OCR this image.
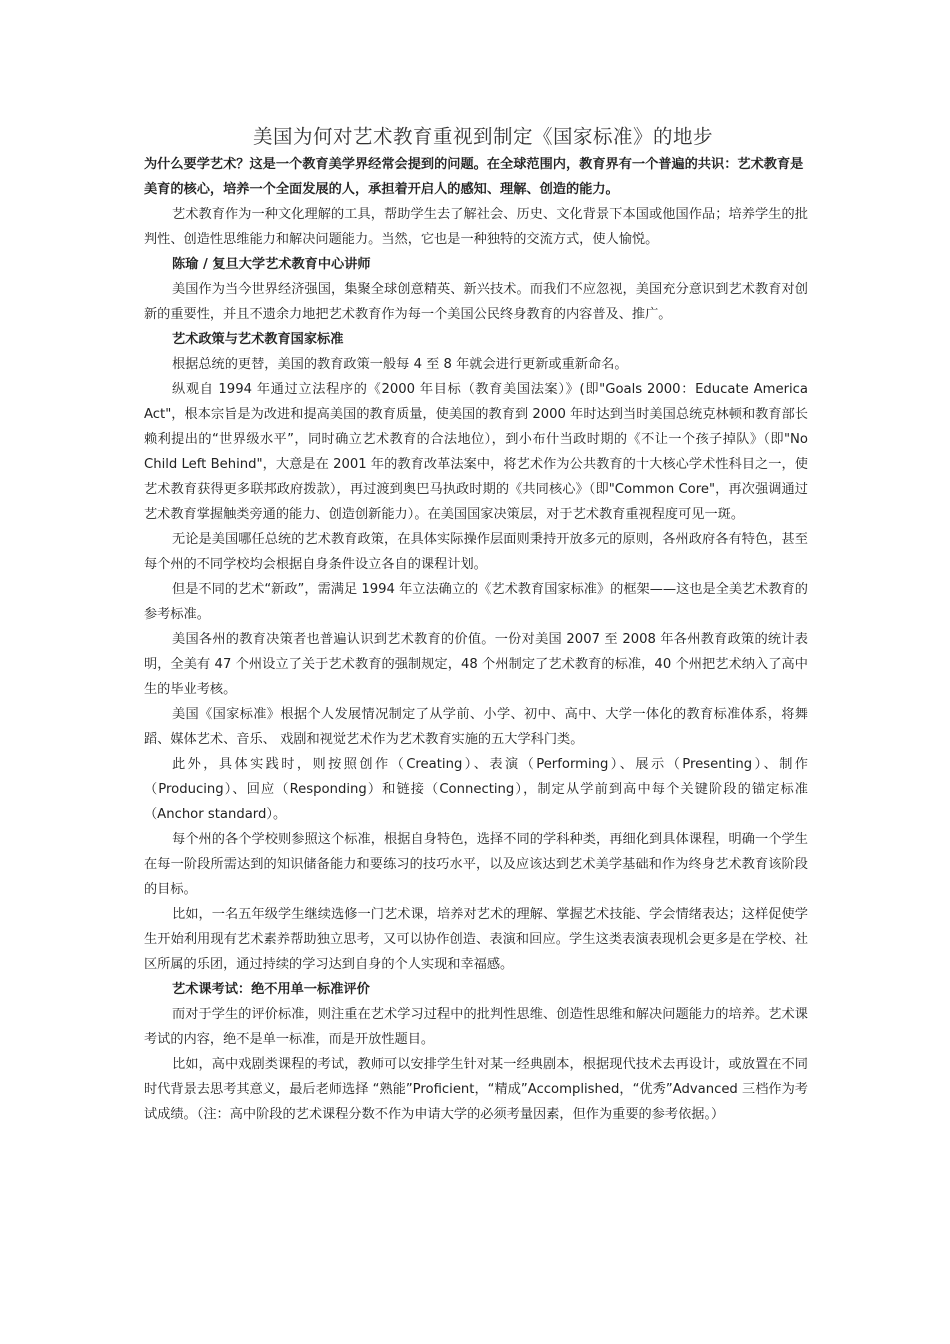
美国为何对艺术教育重视到制定《国家标准》的地步

为什么要学艺术？这是一个教育美学界经常会提到的问题。在全球范围内，教育界有一个普遍的共识：艺术教育是美育的核心，培养一个全面发展的人，承担着开启人的感知、理解、创造的能力。

艺术教育作为一种文化理解的工具，帮助学生去了解社会、历史、文化背景下本国或他国作品；培养学生的批判性、创造性思维能力和解决问题能力。当然，它也是一种独特的交流方式，使人愉悦。

陈瑜 / 复旦大学艺术教育中心讲师

美国作为当今世界经济强国，集聚全球创意精英、新兴技术。而我们不应忽视，美国充分意识到艺术教育对创新的重要性，并且不遗余力地把艺术教育作为每一个美国公民终身教育的内容普及、推广。

艺术政策与艺术教育国家标准

根据总统的更替，美国的教育政策一般每 4 至 8 年就会进行更新或重新命名。

纵观自 1994 年通过立法程序的《2000 年目标（教育美国法案）》(即"Goals 2000：Educate America Act"，根本宗旨是为改进和提高美国的教育质量，使美国的教育到 2000 年时达到当时美国总统克林顿和教育部长赖利提出的“世界级水平”，同时确立艺术教育的合法地位），到小布什当政时期的《不让一个孩子掉队》（即"No Child Left Behind"，大意是在 2001 年的教育改革法案中，将艺术作为公共教育的十大核心学术性科目之一，使艺术教育获得更多联邦政府拨款），再过渡到奥巴马执政时期的《共同核心》（即"Common Core"，再次强调通过艺术教育掌握触类旁通的能力、创造创新能力）。在美国国家决策层，对于艺术教育重视程度可见一斑。

无论是美国哪任总统的艺术教育政策，在具体实际操作层面则秉持开放多元的原则，各州政府各有特色，甚至每个州的不同学校均会根据自身条件设立各自的课程计划。

但是不同的艺术“新政”，需满足 1994 年立法确立的《艺术教育国家标准》的框架——这也是全美艺术教育的参考标准。

美国各州的教育决策者也普遍认识到艺术教育的价值。一份对美国 2007 至 2008 年各州教育政策的统计表明，全美有 47 个州设立了关于艺术教育的强制规定，48 个州制定了艺术教育的标准，40 个州把艺术纳入了高中生的毕业考核。

美国《国家标准》根据个人发展情况制定了从学前、小学、初中、高中、大学一体化的教育标准体系，将舞蹈、媒体艺术、音乐、 戏剧和视觉艺术作为艺术教育实施的五大学科门类。

此外，具体实践时，则按照创作（Creating）、表演（Performing）、展示（Presenting）、制作（Producing）、回应（Responding）和链接（Connecting），制定从学前到高中每个关键阶段的锚定标准（Anchor standard）。

每个州的各个学校则参照这个标准，根据自身特色，选择不同的学科种类，再细化到具体课程，明确一个学生在每一阶段所需达到的知识储备能力和要练习的技巧水平，以及应该达到艺术美学基础和作为终身艺术教育该阶段的目标。

比如，一名五年级学生继续选修一门艺术课，培养对艺术的理解、掌握艺术技能、学会情绪表达；这样促使学生开始利用现有艺术素养帮助独立思考，又可以协作创造、表演和回应。学生这类表演表现机会更多是在学校、社区所属的乐团，通过持续的学习达到自身的个人实现和幸福感。

艺术课考试：绝不用单一标准评价

而对于学生的评价标准，则注重在艺术学习过程中的批判性思维、创造性思维和解决问题能力的培养。艺术课考试的内容，绝不是单一标准，而是开放性题目。

比如，高中戏剧类课程的考试，教师可以安排学生针对某一经典剧本，根据现代技术去再设计，或放置在不同时代背景去思考其意义，最后老师选择 “熟能”Proficient，“精成”Accomplished，“优秀”Advanced 三档作为考试成绩。（注：高中阶段的艺术课程分数不作为申请大学的必须考量因素，但作为重要的参考依据。）
